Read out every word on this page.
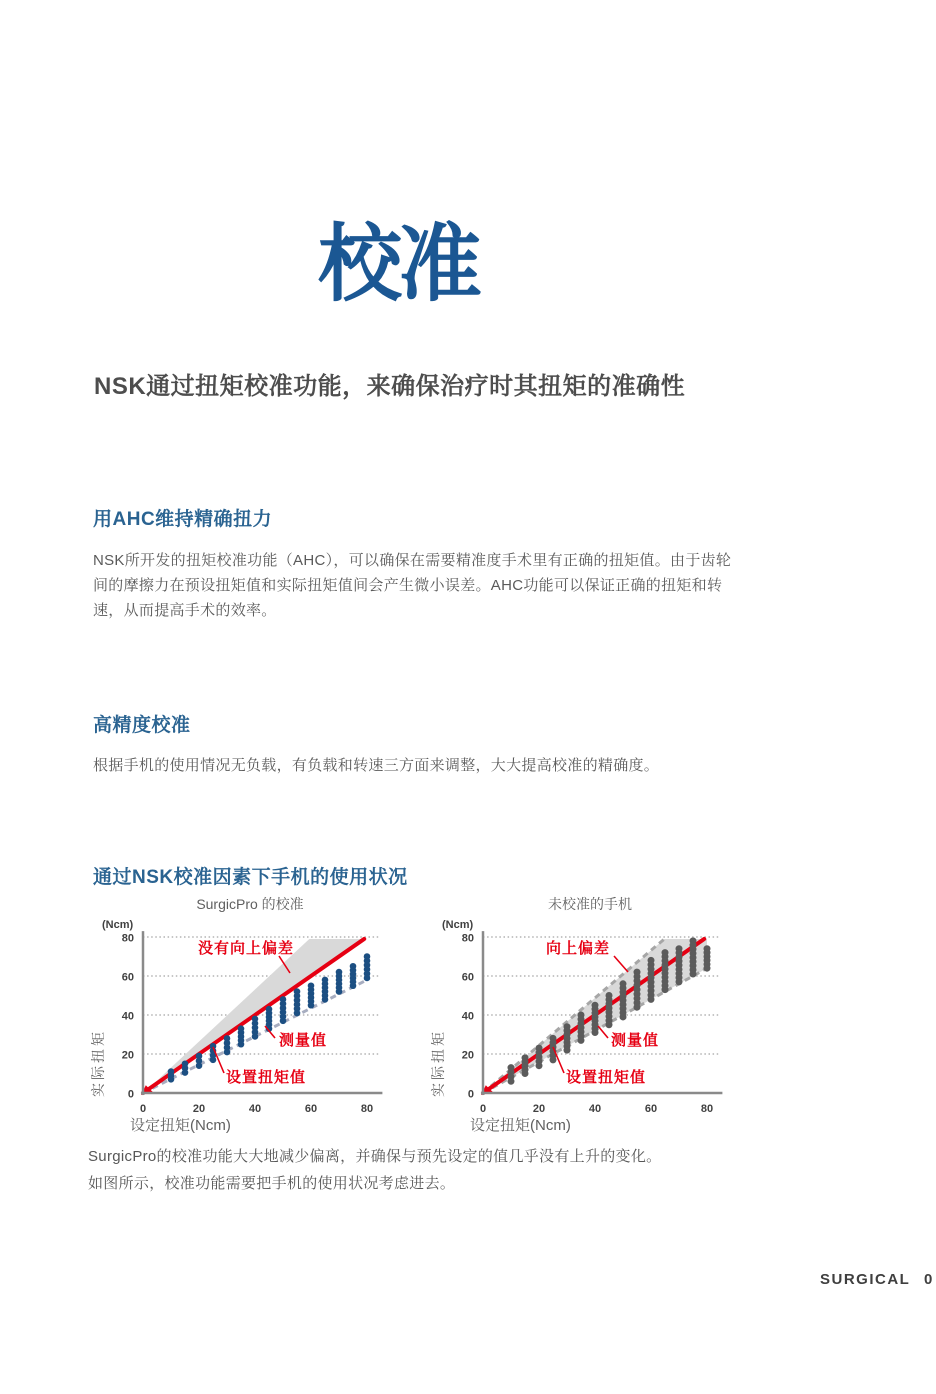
校准
NSK通过扭矩校准功能，来确保治疗时其扭矩的准确性
用AHC维持精确扭力

NSK所开发的扭矩校准功能（AHC），可以确保在需要精准度手术里有正确的扭矩值。由于齿轮间的摩擦力在预设扭矩值和实际扭矩值间会产生微小误差。AHC功能可以保证正确的扭矩和转速，从而提高手术的效率。

高精度校准

根据手机的使用情况无负载，有负载和转速三方面来调整，大大提高校准的精确度。

通过NSK校准因素下手机的使用状况
0
20
40
60
80
0	20	40	60	80
SurgicPro 的校准
(Ncm)
设定扭矩(Ncm)
实际扭矩
没有向上偏差
测量值
设置扭矩值
0
20
40
60
80
0	20	40	60	80
未校准的手机
(Ncm)
设定扭矩(Ncm)
实际扭矩
向上偏差
测量值
设置扭矩值

SurgicPro的校准功能大大地减少偏离，并确保与预先设定的值几乎没有上升的变化。
如图所示，校准功能需要把手机的使用状况考虑进去。

SURGICAL 0
